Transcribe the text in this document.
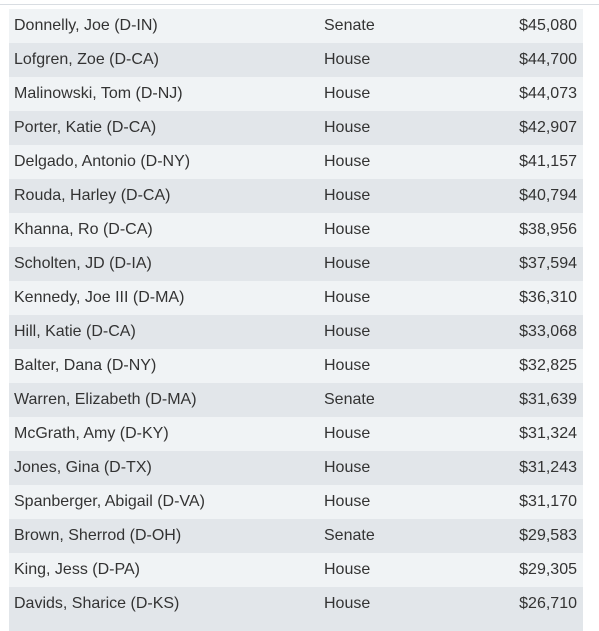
Donnelly, Joe (D-IN)	Senate	$45,080
Lofgren, Zoe (D-CA)	House	$44,700
Malinowski, Tom (D-NJ)	House	$44,073
Porter, Katie (D-CA)	House	$42,907
Delgado, Antonio (D-NY)	House	$41,157
Rouda, Harley (D-CA)	House	$40,794
Khanna, Ro (D-CA)	House	$38,956
Scholten, JD (D-IA)	House	$37,594
Kennedy, Joe III (D-MA)	House	$36,310
Hill, Katie (D-CA)	House	$33,068
Balter, Dana (D-NY)	House	$32,825
Warren, Elizabeth (D-MA)	Senate	$31,639
McGrath, Amy (D-KY)	House	$31,324
Jones, Gina (D-TX)	House	$31,243
Spanberger, Abigail (D-VA)	House	$31,170
Brown, Sherrod (D-OH)	Senate	$29,583
King, Jess (D-PA)	House	$29,305
Davids, Sharice (D-KS)	House	$26,710
